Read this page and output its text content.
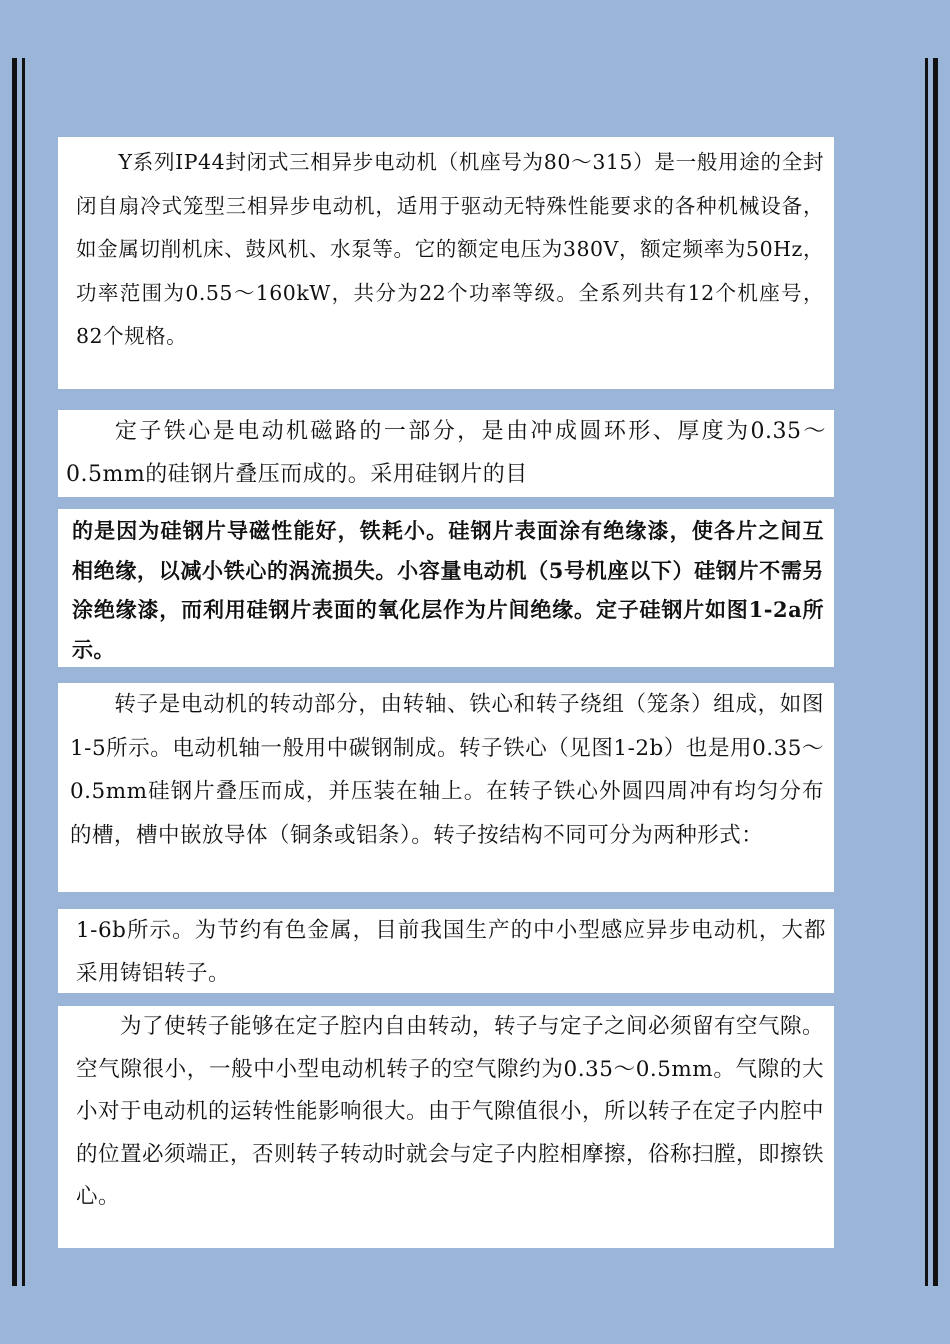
　　Y系列IP44封闭式三相异步电动机（机座号为80～315）是一般用途的全封闭自扇冷式笼型三相异步电动机，适用于驱动无特殊性能要求的各种机械设备，如金属切削机床、鼓风机、水泵等。它的额定电压为380V，额定频率为50Hz，功率范围为0.55～160kW，共分为22个功率等级。全系列共有12个机座号，82个规格。

　　定子铁心是电动机磁路的一部分，是由冲成圆环形、厚度为0.35～0.5mm的硅钢片叠压而成的。采用硅钢片的目

的是因为硅钢片导磁性能好，铁耗小。硅钢片表面涂有绝缘漆，使各片之间互相绝缘，以减小铁心的涡流损失。小容量电动机（5号机座以下）硅钢片不需另涂绝缘漆，而利用硅钢片表面的氧化层作为片间绝缘。定子硅钢片如图1-2a所示。

　　转子是电动机的转动部分，由转轴、铁心和转子绕组（笼条）组成，如图1-5所示。电动机轴一般用中碳钢制成。转子铁心（见图1-2b）也是用0.35～0.5mm硅钢片叠压而成，并压装在轴上。在转子铁心外圆四周冲有均匀分布的槽，槽中嵌放导体（铜条或铝条）。转子按结构不同可分为两种形式：

1-6b所示。为节约有色金属，目前我国生产的中小型感应异步电动机，大都采用铸铝转子。

　　为了使转子能够在定子腔内自由转动，转子与定子之间必须留有空气隙。空气隙很小，一般中小型电动机转子的空气隙约为0.35～0.5mm。气隙的大小对于电动机的运转性能影响很大。由于气隙值很小，所以转子在定子内腔中的位置必须端正，否则转子转动时就会与定子内腔相摩擦，俗称扫膛，即擦铁心。
